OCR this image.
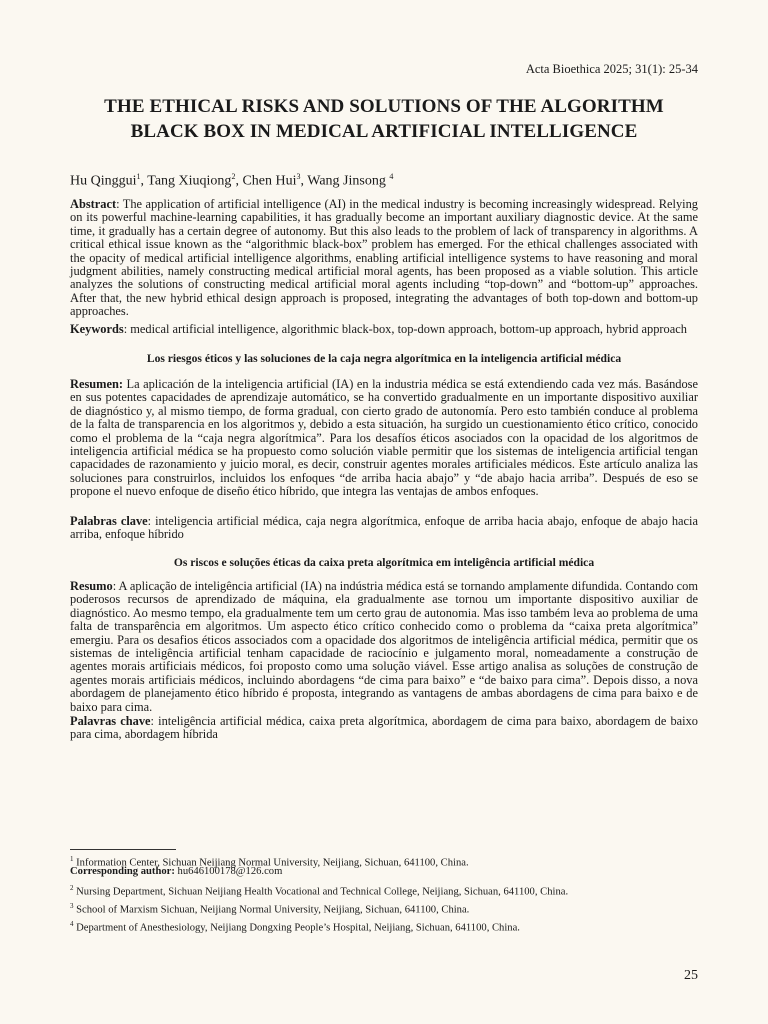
Acta Bioethica 2025; 31(1): 25-34
THE ETHICAL RISKS AND SOLUTIONS OF THE ALGORITHM
BLACK BOX IN MEDICAL ARTIFICIAL INTELLIGENCE
Hu Qinggui$^1$, Tang Xiuqiong$^2$, Chen Hui$^3$, Wang Jinsong $^4$
Abstract: The application of artificial intelligence (AI) in the medical industry is becoming increasingly widespread. Relying on its powerful machine-learning capabilities, it has gradually become an important auxiliary diagnostic device. At the same time, it gradually has a certain degree of autonomy. But this also leads to the problem of lack of transparency in algorithms. A critical ethical issue known as the “algorithmic black-box” problem has emerged. For the ethical challenges associated with the opacity of medical artificial intelligence algorithms, enabling artificial intelligence systems to have reasoning and moral judgment abilities, namely constructing medical artificial moral agents, has been proposed as a viable solution. This article analyzes the solutions of constructing medical artificial moral agents including “top-down” and “bottom-up” approaches. After that, the new hybrid ethical design approach is proposed, integrating the advantages of both top-down and bottom-up approaches.
Keywords: medical artificial intelligence, algorithmic black-box, top-down approach, bottom-up approach, hybrid approach
Los riesgos éticos y las soluciones de la caja negra algorítmica en la inteligencia artificial médica
Resumen: La aplicación de la inteligencia artificial (IA) en la industria médica se está extendiendo cada vez más. Basándose en sus potentes capacidades de aprendizaje automático, se ha convertido gradualmente en un importante dispositivo auxiliar de diagnóstico y, al mismo tiempo, de forma gradual, con cierto grado de autonomía. Pero esto también conduce al problema de la falta de transparencia en los algoritmos y, debido a esta situación, ha surgido un cuestionamiento ético crítico, conocido como el problema de la “caja negra algorítmica”. Para los desafíos éticos asociados con la opacidad de los algoritmos de inteligencia artificial médica se ha propuesto como solución viable permitir que los sistemas de inteligencia artificial tengan capacidades de razonamiento y juicio moral, es decir, construir agentes morales artificiales médicos. Este artículo analiza las soluciones para construirlos, incluidos los enfoques “de arriba hacia abajo” y “de abajo hacia arriba”. Después de eso se propone el nuevo enfoque de diseño ético híbrido, que integra las ventajas de ambos enfoques.
Palabras clave: inteligencia artificial médica, caja negra algorítmica, enfoque de arriba hacia abajo, enfoque de abajo hacia arriba, enfoque híbrido
Os riscos e soluções éticas da caixa preta algorítmica em inteligência artificial médica
Resumo: A aplicação de inteligência artificial (IA) na indústria médica está se tornando amplamente difundida. Contando com poderosos recursos de aprendizado de máquina, ela gradualmente ase tornou um importante dispositivo auxiliar de diagnóstico. Ao mesmo tempo, ela gradualmente tem um certo grau de autonomia. Mas isso também leva ao problema de uma falta de transparência em algoritmos. Um aspecto ético crítico conhecido como o problema da “caixa preta algorítmica” emergiu. Para os desafios éticos associados com a opacidade dos algoritmos de inteligência artificial médica, permitir que os sistemas de inteligência artificial tenham capacidade de raciocínio e julgamento moral, nomeadamente a construção de agentes morais artificiais médicos, foi proposto como uma solução viável. Esse artigo analisa as soluções de construção de agentes morais artificiais médicos, incluindo abordagens “de cima para baixo” e “de baixo para cima”. Depois disso, a nova abordagem de planejamento ético híbrido é proposta, integrando as vantagens de ambas abordagens de cima para baixo e de baixo para cima.
Palavras chave: inteligência artificial médica, caixa preta algorítmica, abordagem de cima para baixo, abordagem de baixo para cima, abordagem híbrida
$^1$ Information Center, Sichuan Neijiang Normal University, Neijiang, Sichuan, 641100, China.
Corresponding author: hu646100178@126.com
$^2$ Nursing Department, Sichuan Neijiang Health Vocational and Technical College, Neijiang, Sichuan, 641100, China.
$^3$ School of Marxism Sichuan, Neijiang Normal University, Neijiang, Sichuan, 641100, China.
$^4$ Department of Anesthesiology, Neijiang Dongxing People’s Hospital, Neijiang, Sichuan, 641100, China.
25
